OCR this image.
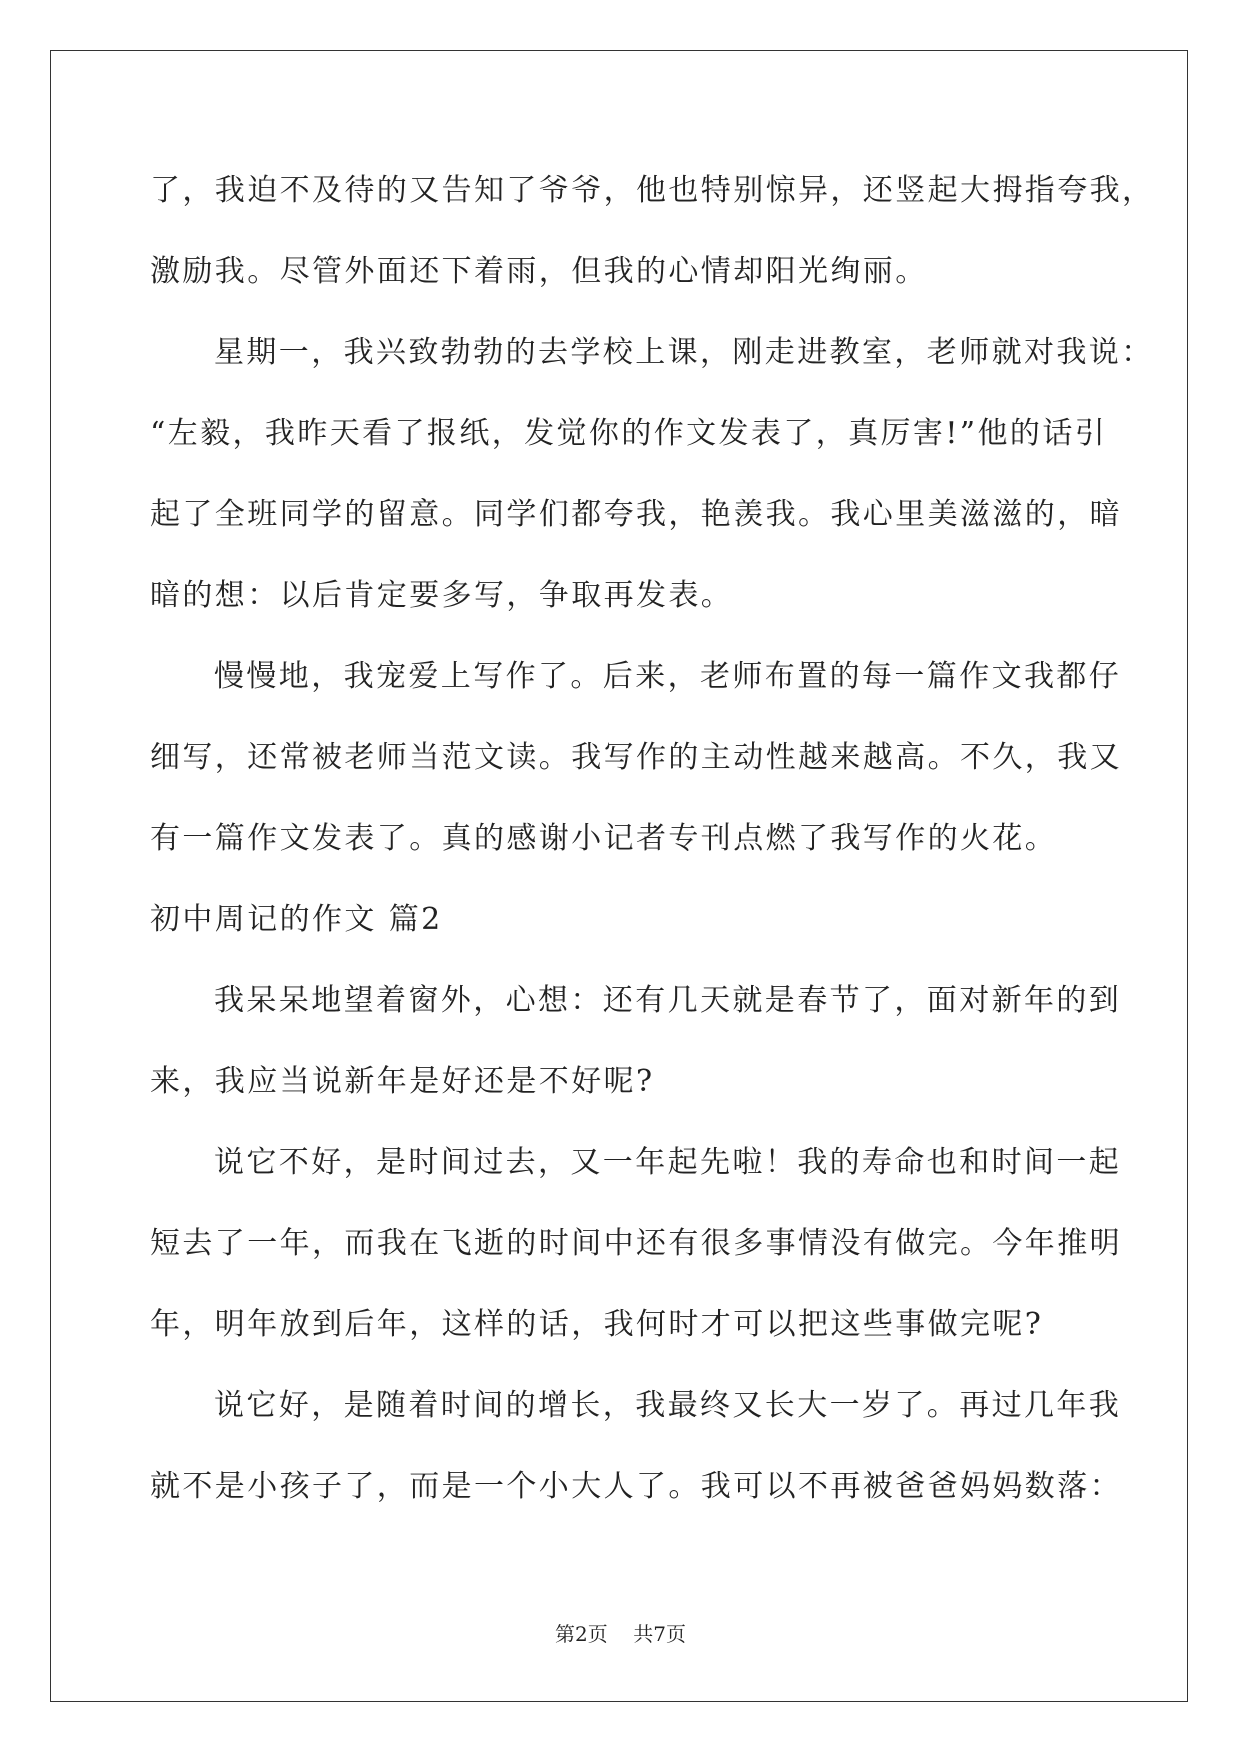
了，我迫不及待的又告知了爷爷，他也特别惊异，还竖起大拇指夸我，
激励我。尽管外面还下着雨，但我的心情却阳光绚丽。
星期一，我兴致勃勃的去学校上课，刚走进教室，老师就对我说：
“左毅，我昨天看了报纸，发觉你的作文发表了，真厉害!”他的话引
起了全班同学的留意。同学们都夸我，艳羡我。我心里美滋滋的，暗
暗的想：以后肯定要多写，争取再发表。
慢慢地，我宠爱上写作了。后来，老师布置的每一篇作文我都仔
细写，还常被老师当范文读。我写作的主动性越来越高。不久，我又
有一篇作文发表了。真的感谢小记者专刊点燃了我写作的火花。
初中周记的作文 篇2
我呆呆地望着窗外，心想：还有几天就是春节了，面对新年的到
来，我应当说新年是好还是不好呢?
说它不好，是时间过去，又一年起先啦！我的寿命也和时间一起
短去了一年，而我在飞逝的时间中还有很多事情没有做完。今年推明
年，明年放到后年，这样的话，我何时才可以把这些事做完呢?
说它好，是随着时间的增长，我最终又长大一岁了。再过几年我
就不是小孩子了，而是一个小大人了。我可以不再被爸爸妈妈数落：
第2页 共7页
